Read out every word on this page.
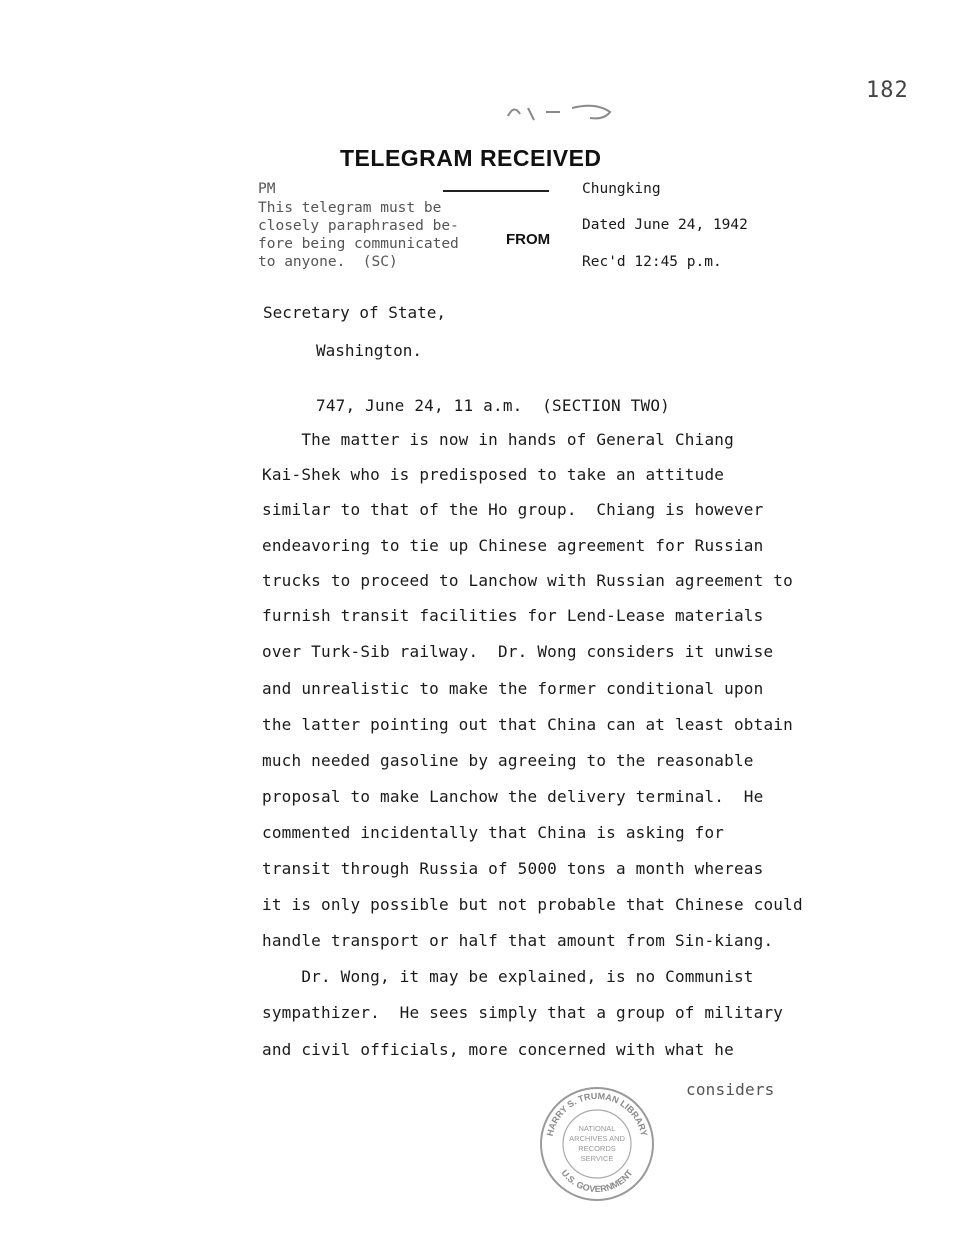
182
TELEGRAM RECEIVED
PM
This telegram must be
closely paraphrased be-
fore being communicated
to anyone.  (SC)
FROM
Chungking
Dated June 24, 1942
Rec'd 12:45 p.m.
Secretary of State,
Washington.
747, June 24, 11 a.m.  (SECTION TWO)
The matter is now in hands of General Chiang
Kai-Shek who is predisposed to take an attitude
similar to that of the Ho group.  Chiang is however
endeavoring to tie up Chinese agreement for Russian
trucks to proceed to Lanchow with Russian agreement to
furnish transit facilities for Lend-Lease materials
over Turk-Sib railway.  Dr. Wong considers it unwise
and unrealistic to make the former conditional upon
the latter pointing out that China can at least obtain
much needed gasoline by agreeing to the reasonable
proposal to make Lanchow the delivery terminal.  He
commented incidentally that China is asking for
transit through Russia of 5000 tons a month whereas
it is only possible but not probable that Chinese could
handle transport or half that amount from Sin-kiang.
Dr. Wong, it may be explained, is no Communist
sympathizer.  He sees simply that a group of military
and civil officials, more concerned with what he
considers
HARRY S. TRUMAN LIBRARY
U.S. GOVERNMENT
NATIONAL
ARCHIVES AND
RECORDS
SERVICE
